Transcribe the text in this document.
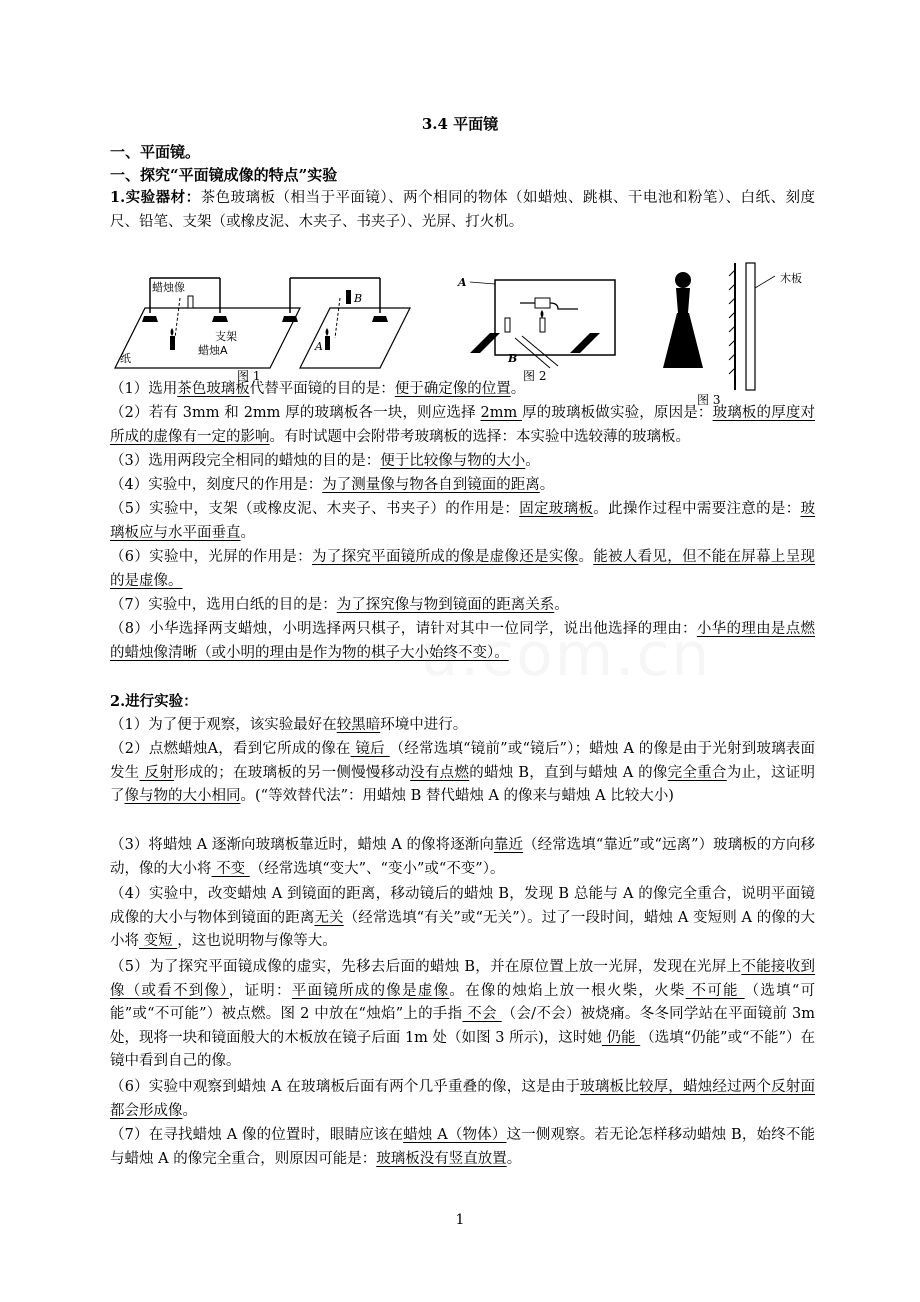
3.4 平面镜
一、平面镜。
一、探究“平面镜成像的特点”实验

1.实验器材：茶色玻璃板（相当于平面镜）、两个相同的物体（如蜡烛、跳棋、干电池和粉笔）、白纸、刻度尺、铅笔、支架（或橡皮泥、木夹子、书夹子）、光屏、打火机。

蜡烛像
支架
纸
蜡烛A
B
A
图 1
A
B
图 2
木板
图 3

（1）选用茶色玻璃板代替平面镜的目的是：便于确定像的位置。

（2）若有 3mm 和 2mm 厚的玻璃板各一块，则应选择 2mm 厚的玻璃板做实验，原因是：玻璃板的厚度对所成的虚像有一定的影响。有时试题中会附带考玻璃板的选择：本实验中选较薄的玻璃板。

（3）选用两段完全相同的蜡烛的目的是：便于比较像与物的大小。

（4）实验中，刻度尺的作用是：为了测量像与物各自到镜面的距离。

（5）实验中，支架（或橡皮泥、木夹子、书夹子）的作用是：固定玻璃板。此操作过程中需要注意的是：玻璃板应与水平面垂直。

（6）实验中，光屏的作用是：为了探究平面镜所成的像是虚像还是实像。能被人看见，但不能在屏幕上呈现的是虚像。

（7）实验中，选用白纸的目的是：为了探究像与物到镜面的距离关系。

（8）小华选择两支蜡烛，小明选择两只棋子，请针对其中一位同学，说出他选择的理由：小华的理由是点燃的蜡烛像清晰（或小明的理由是作为物的棋子大小始终不变）。

2.进行实验：

（1）为了便于观察，该实验最好在较黑暗环境中进行。

（2）点燃蜡烛A，看到它所成的像在 镜后 （经常选填“镜前”或“镜后”）；蜡烛 A 的像是由于光射到玻璃表面发生 反射形成的；在玻璃板的另一侧慢慢移动没有点燃的蜡烛 B，直到与蜡烛 A 的像完全重合为止，这证明了像与物的大小相同。(“等效替代法”：用蜡烛 B 替代蜡烛 A 的像来与蜡烛 A 比较大小)

（3）将蜡烛 A 逐渐向玻璃板靠近时，蜡烛 A 的像将逐渐向靠近（经常选填“靠近”或“远离”）玻璃板的方向移动，像的大小将 不变 （经常选填“变大”、“变小”或“不变”）。

（4）实验中，改变蜡烛 A 到镜面的距离，移动镜后的蜡烛 B，发现 B 总能与 A 的像完全重合，说明平面镜成像的大小与物体到镜面的距离无关（经常选填“有关”或“无关”）。过了一段时间，蜡烛 A 变短则 A 的像的大小将 变短 ，这也说明物与像等大。

（5）为了探究平面镜成像的虚实，先移去后面的蜡烛 B，并在原位置上放一光屏，发现在光屏上不能接收到像（或看不到像），证明：平面镜所成的像是虚像。在像的烛焰上放一根火柴，火柴 不可能 （选填“可能”或“不可能”）被点燃。图 2 中放在“烛焰”上的手指 不会 （会/不会）被烧痛。冬冬同学站在平面镜前 3m 处，现将一块和镜面般大的木板放在镜子后面 1m 处（如图 3 所示)，这时她 仍能 （选填“仍能”或“不能”）在镜中看到自己的像。

（6）实验中观察到蜡烛 A 在玻璃板后面有两个几乎重叠的像，这是由于玻璃板比较厚，蜡烛经过两个反射面都会形成像。

（7）在寻找蜡烛 A 像的位置时，眼睛应该在蜡烛 A（物体）这一侧观察。若无论怎样移动蜡烛 B，始终不能与蜡烛 A 的像完全重合，则原因可能是：玻璃板没有竖直放置。

1
